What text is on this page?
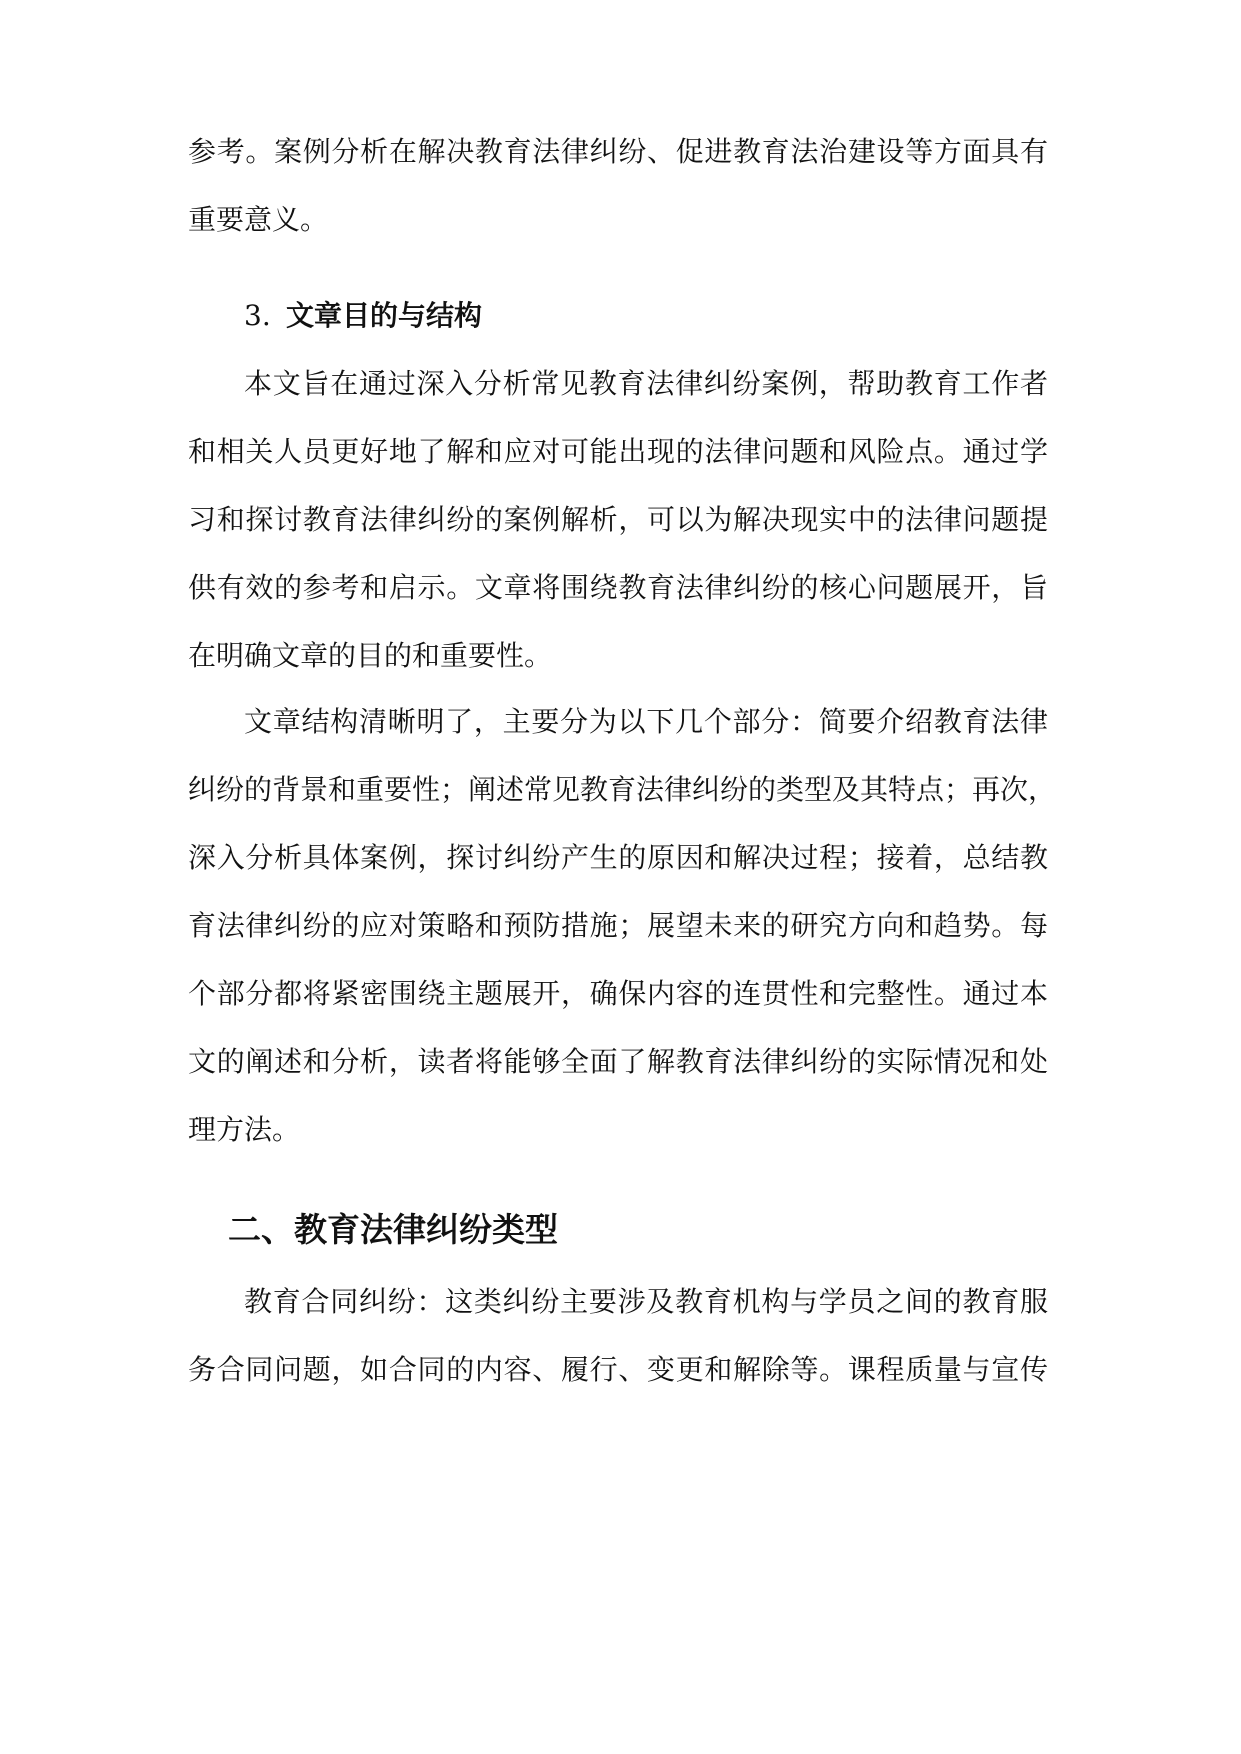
参考。案例分析在解决教育法律纠纷、促进教育法治建设等方面具有
重要意义。
3. 文章目的与结构
本文旨在通过深入分析常见教育法律纠纷案例，帮助教育工作者
和相关人员更好地了解和应对可能出现的法律问题和风险点。通过学
习和探讨教育法律纠纷的案例解析，可以为解决现实中的法律问题提
供有效的参考和启示。文章将围绕教育法律纠纷的核心问题展开，旨
在明确文章的目的和重要性。
文章结构清晰明了，主要分为以下几个部分：简要介绍教育法律
纠纷的背景和重要性；阐述常见教育法律纠纷的类型及其特点；再次，
深入分析具体案例，探讨纠纷产生的原因和解决过程；接着，总结教
育法律纠纷的应对策略和预防措施；展望未来的研究方向和趋势。每
个部分都将紧密围绕主题展开，确保内容的连贯性和完整性。通过本
文的阐述和分析，读者将能够全面了解教育法律纠纷的实际情况和处
理方法。
二、教育法律纠纷类型
教育合同纠纷：这类纠纷主要涉及教育机构与学员之间的教育服
务合同问题，如合同的内容、履行、变更和解除等。课程质量与宣传
